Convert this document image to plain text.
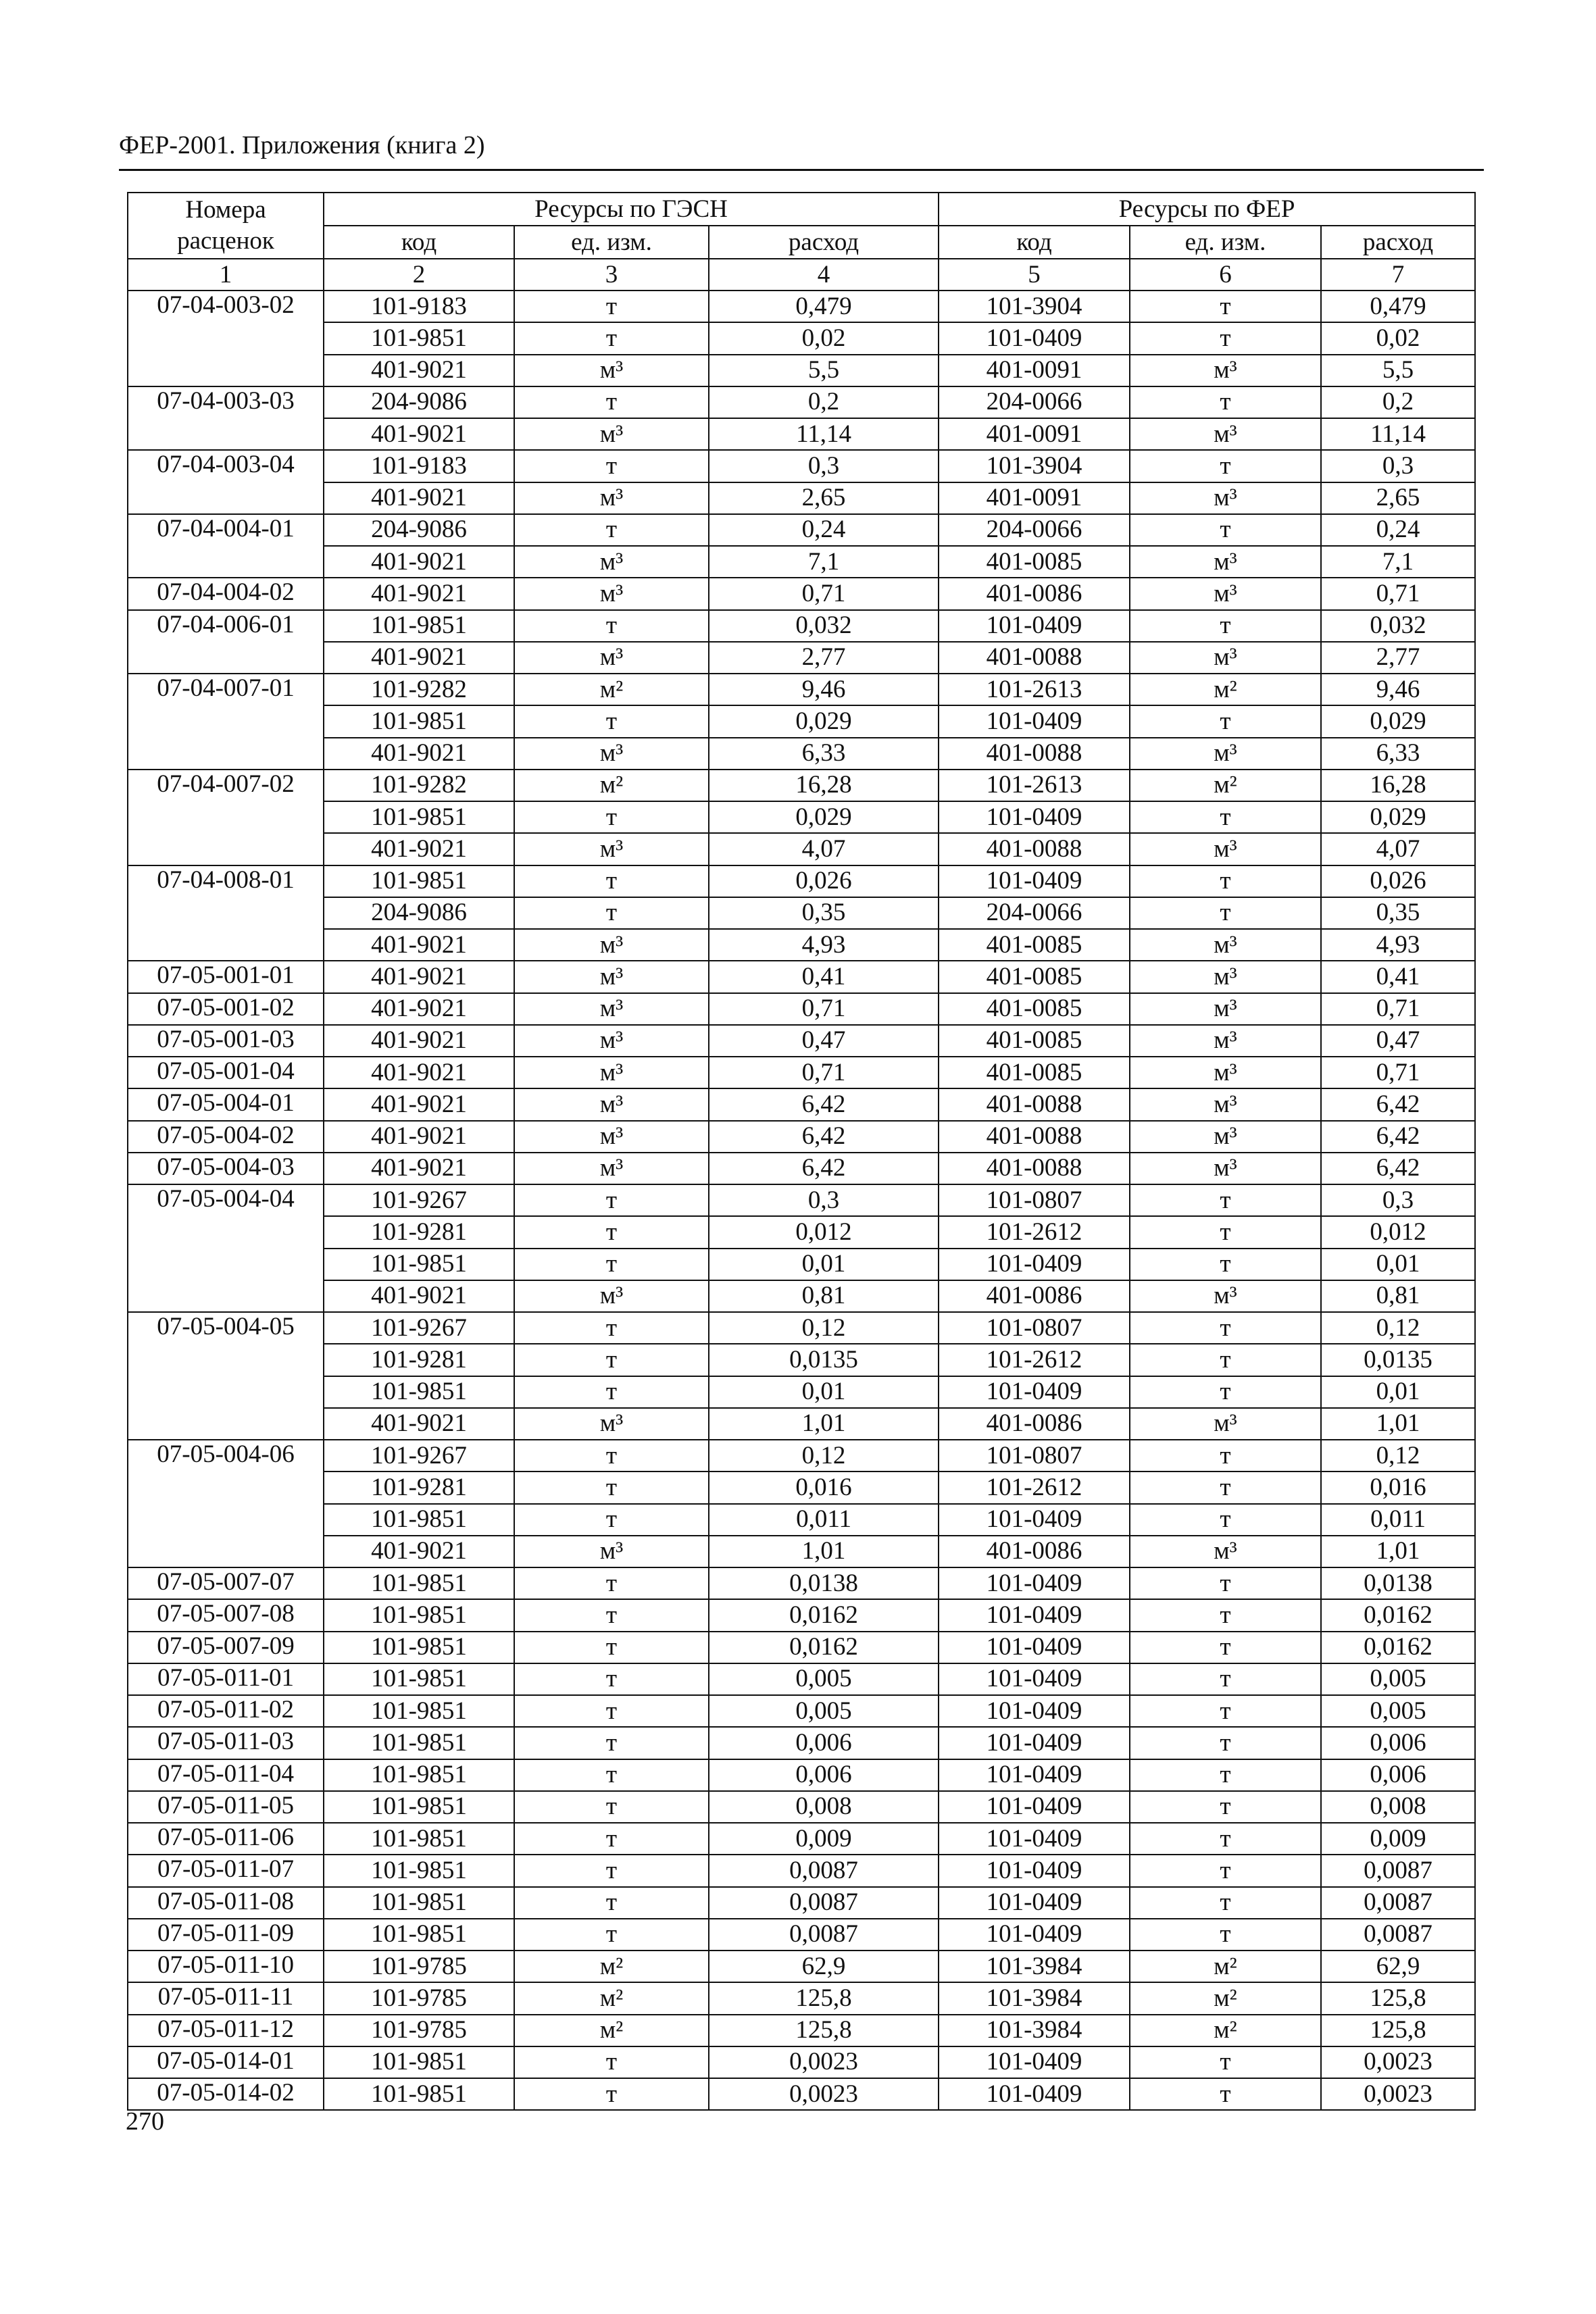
ФЕР-2001. Приложения (книга 2)
Номера расценок	Ресурсы по ГЭСН			Ресурсы по ФЕР		
	код	ед. изм.	расход	код	ед. изм.	расход
1	2	3	4	5	6	7
07-04-003-02	101-9183	т	0,479	101-3904	т	0,479
	101-9851	т	0,02	101-0409	т	0,02
	401-9021	м³	5,5	401-0091	м³	5,5
07-04-003-03	204-9086	т	0,2	204-0066	т	0,2
	401-9021	м³	11,14	401-0091	м³	11,14
07-04-003-04	101-9183	т	0,3	101-3904	т	0,3
	401-9021	м³	2,65	401-0091	м³	2,65
07-04-004-01	204-9086	т	0,24	204-0066	т	0,24
	401-9021	м³	7,1	401-0085	м³	7,1
07-04-004-02	401-9021	м³	0,71	401-0086	м³	0,71
07-04-006-01	101-9851	т	0,032	101-0409	т	0,032
	401-9021	м³	2,77	401-0088	м³	2,77
07-04-007-01	101-9282	м²	9,46	101-2613	м²	9,46
	101-9851	т	0,029	101-0409	т	0,029
	401-9021	м³	6,33	401-0088	м³	6,33
07-04-007-02	101-9282	м²	16,28	101-2613	м²	16,28
	101-9851	т	0,029	101-0409	т	0,029
	401-9021	м³	4,07	401-0088	м³	4,07
07-04-008-01	101-9851	т	0,026	101-0409	т	0,026
	204-9086	т	0,35	204-0066	т	0,35
	401-9021	м³	4,93	401-0085	м³	4,93
07-05-001-01	401-9021	м³	0,41	401-0085	м³	0,41
07-05-001-02	401-9021	м³	0,71	401-0085	м³	0,71
07-05-001-03	401-9021	м³	0,47	401-0085	м³	0,47
07-05-001-04	401-9021	м³	0,71	401-0085	м³	0,71
07-05-004-01	401-9021	м³	6,42	401-0088	м³	6,42
07-05-004-02	401-9021	м³	6,42	401-0088	м³	6,42
07-05-004-03	401-9021	м³	6,42	401-0088	м³	6,42
07-05-004-04	101-9267	т	0,3	101-0807	т	0,3
	101-9281	т	0,012	101-2612	т	0,012
	101-9851	т	0,01	101-0409	т	0,01
	401-9021	м³	0,81	401-0086	м³	0,81
07-05-004-05	101-9267	т	0,12	101-0807	т	0,12
	101-9281	т	0,0135	101-2612	т	0,0135
	101-9851	т	0,01	101-0409	т	0,01
	401-9021	м³	1,01	401-0086	м³	1,01
07-05-004-06	101-9267	т	0,12	101-0807	т	0,12
	101-9281	т	0,016	101-2612	т	0,016
	101-9851	т	0,011	101-0409	т	0,011
	401-9021	м³	1,01	401-0086	м³	1,01
07-05-007-07	101-9851	т	0,0138	101-0409	т	0,0138
07-05-007-08	101-9851	т	0,0162	101-0409	т	0,0162
07-05-007-09	101-9851	т	0,0162	101-0409	т	0,0162
07-05-011-01	101-9851	т	0,005	101-0409	т	0,005
07-05-011-02	101-9851	т	0,005	101-0409	т	0,005
07-05-011-03	101-9851	т	0,006	101-0409	т	0,006
07-05-011-04	101-9851	т	0,006	101-0409	т	0,006
07-05-011-05	101-9851	т	0,008	101-0409	т	0,008
07-05-011-06	101-9851	т	0,009	101-0409	т	0,009
07-05-011-07	101-9851	т	0,0087	101-0409	т	0,0087
07-05-011-08	101-9851	т	0,0087	101-0409	т	0,0087
07-05-011-09	101-9851	т	0,0087	101-0409	т	0,0087
07-05-011-10	101-9785	м²	62,9	101-3984	м²	62,9
07-05-011-11	101-9785	м²	125,8	101-3984	м²	125,8
07-05-011-12	101-9785	м²	125,8	101-3984	м²	125,8
07-05-014-01	101-9851	т	0,0023	101-0409	т	0,0023
07-05-014-02	101-9851	т	0,0023	101-0409	т	0,0023
270
